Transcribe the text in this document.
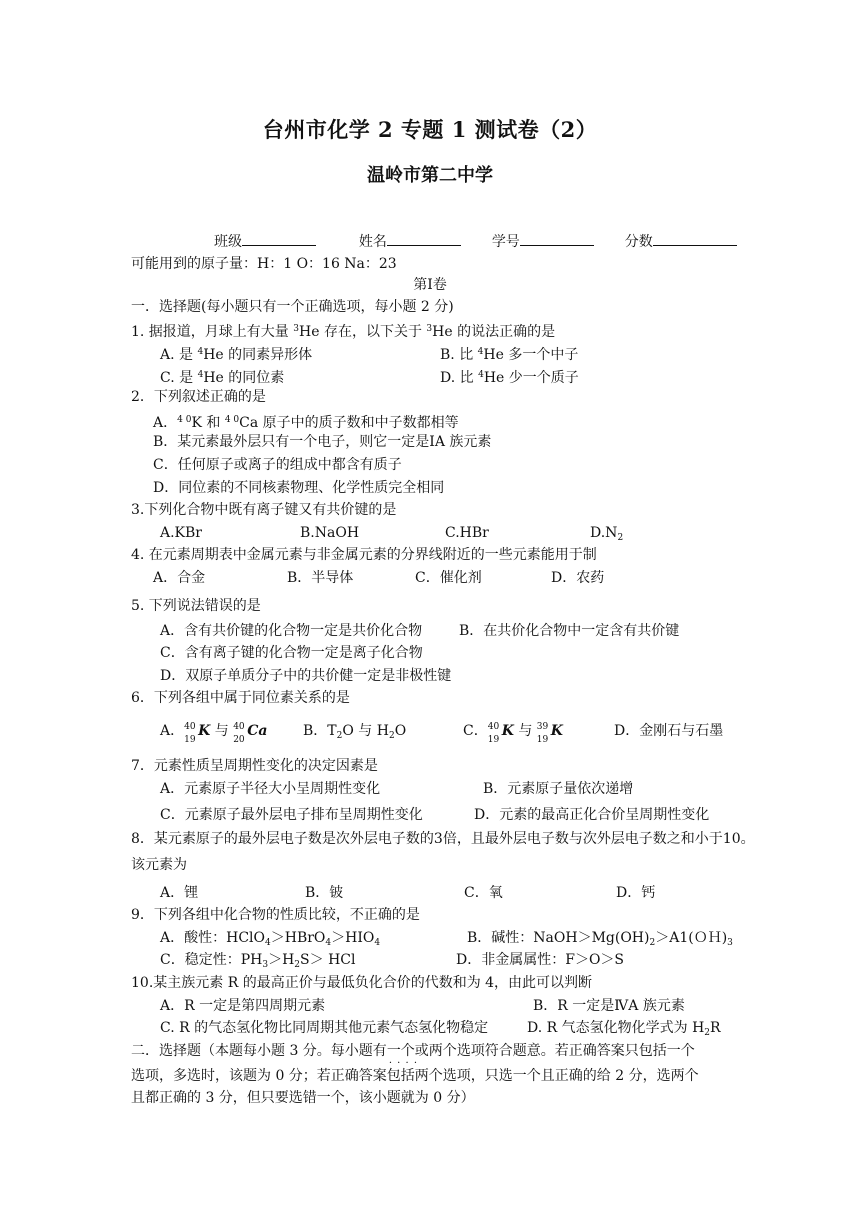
台州市化学 2 专题 1 测试卷（2）
温岭市第二中学
班级	姓名	学号	分数
可能用到的原子量：H：1 O：16 Na：23
第Ⅰ卷
一．选择题(每小题只有一个正确选项，每小题 2 分)
1. 据报道，月球上有大量 $^3$He 存在，以下关于 $^3$He 的说法正确的是
A. 是 $^4$He 的同素异形体	B. 比 $^4$He 多一个中子
C. 是 $^4$He 的同位素	D. 比 $^4$He 少一个质子
2．下列叙述正确的是
A．$^{4 0}$K 和 $^{4 0}$Ca 原子中的质子数和中子数都相等
B．某元素最外层只有一个电子，则它一定是ⅠA 族元素
C．任何原子或离子的组成中都含有质子
D．同位素的不同核素物理、化学性质完全相同
3.下列化合物中既有离子键又有共价键的是
A.KBr	B.NaOH	C.HBr	$D.N_2$
4. 在元素周期表中金属元素与非金属元素的分界线附近的一些元素能用于制
A．合金	B．半导体	C．催化剂	D．农药
5. 下列说法错误的是
A．含有共价键的化合物一定是共价化合物	B．在共价化合物中一定含有共价键
C．含有离子键的化合物一定是离子化合物
D．双原子单质分子中的共价健一定是非极性键
6．下列各组中属于同位素关系的是
A． 40
19
K 与 40
20
Ca	B．$T_2O$ 与 $H_2O$	C． 40
19
K 与 39
19
K	D．金刚石与石墨
7．元素性质呈周期性变化的决定因素是
A．元素原子半径大小呈周期性变化	B．元素原子量依次递增
C．元素原子最外层电子排布呈周期性变化	D．元素的最高正化合价呈周期性变化
8．某元素原子的最外层电子数是次外层电子数的3倍，且最外层电子数与次外层电子数之和小于10。
该元素为
A．锂	B．铍	C．氧	D．钙
9．下列各组中化合物的性质比较，不正确的是
A．酸性：$HClO_4>HBrO_4>HIO_4$	B．碱性：$NaOH>Mg(OH)_2>A1(OH)_3$
C．稳定性：$PH_3>H_2S>$ HCl	D．非金属属性：F＞O＞S
10.某主族元素 R 的最高正价与最低负化合价的代数和为 4，由此可以判断
A．R 一定是第四周期元素	B．R 一定是ⅣA 族元素
C. R 的气态氢化物比同周期其他元素气态氢化物稳定	D. R 气态氢化物化学式为 $H_2R$
二．选择题（本题每小题 3 分。每小题有一个或两个 · · · ·选项符合题意。若正确答案只包括一个
选项，多选时，该题为 0 分；若正确答案包括两个选项，只选一个且正确的给 2 分，选两个
且都正确的 3 分，但只要选错一个，该小题就为 0 分）
